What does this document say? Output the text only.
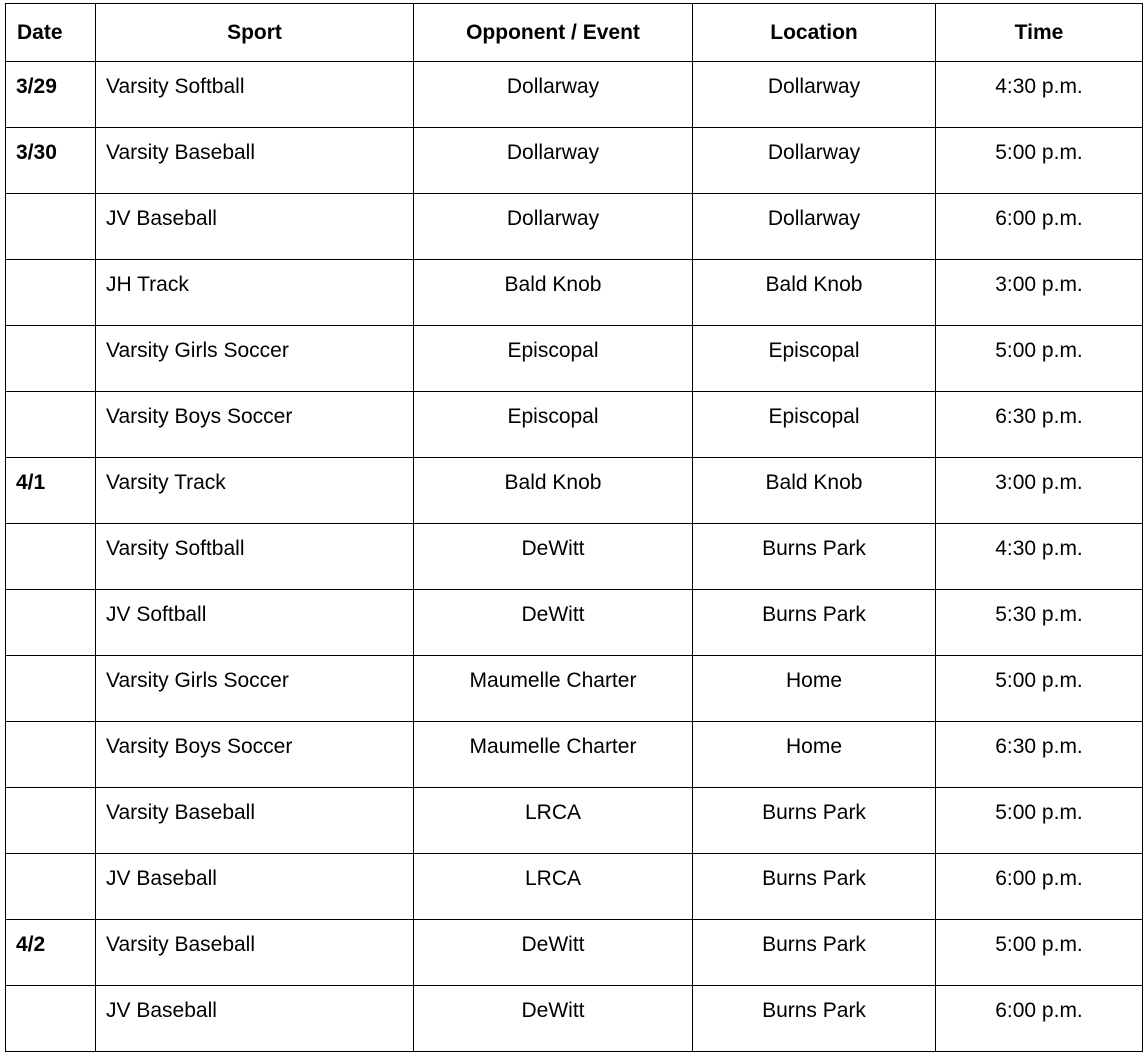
Date	Sport	Opponent / Event	Location	Time
3/29	Varsity Softball	Dollarway	Dollarway	4:30 p.m.
3/30	Varsity Baseball	Dollarway	Dollarway	5:00 p.m.
	JV Baseball	Dollarway	Dollarway	6:00 p.m.
	JH Track	Bald Knob	Bald Knob	3:00 p.m.
	Varsity Girls Soccer	Episcopal	Episcopal	5:00 p.m.
	Varsity Boys Soccer	Episcopal	Episcopal	6:30 p.m.
4/1	Varsity Track	Bald Knob	Bald Knob	3:00 p.m.
	Varsity Softball	DeWitt	Burns Park	4:30 p.m.
	JV Softball	DeWitt	Burns Park	5:30 p.m.
	Varsity Girls Soccer	Maumelle Charter	Home	5:00 p.m.
	Varsity Boys Soccer	Maumelle Charter	Home	6:30 p.m.
	Varsity Baseball	LRCA	Burns Park	5:00 p.m.
	JV Baseball	LRCA	Burns Park	6:00 p.m.
4/2	Varsity Baseball	DeWitt	Burns Park	5:00 p.m.
	JV Baseball	DeWitt	Burns Park	6:00 p.m.
